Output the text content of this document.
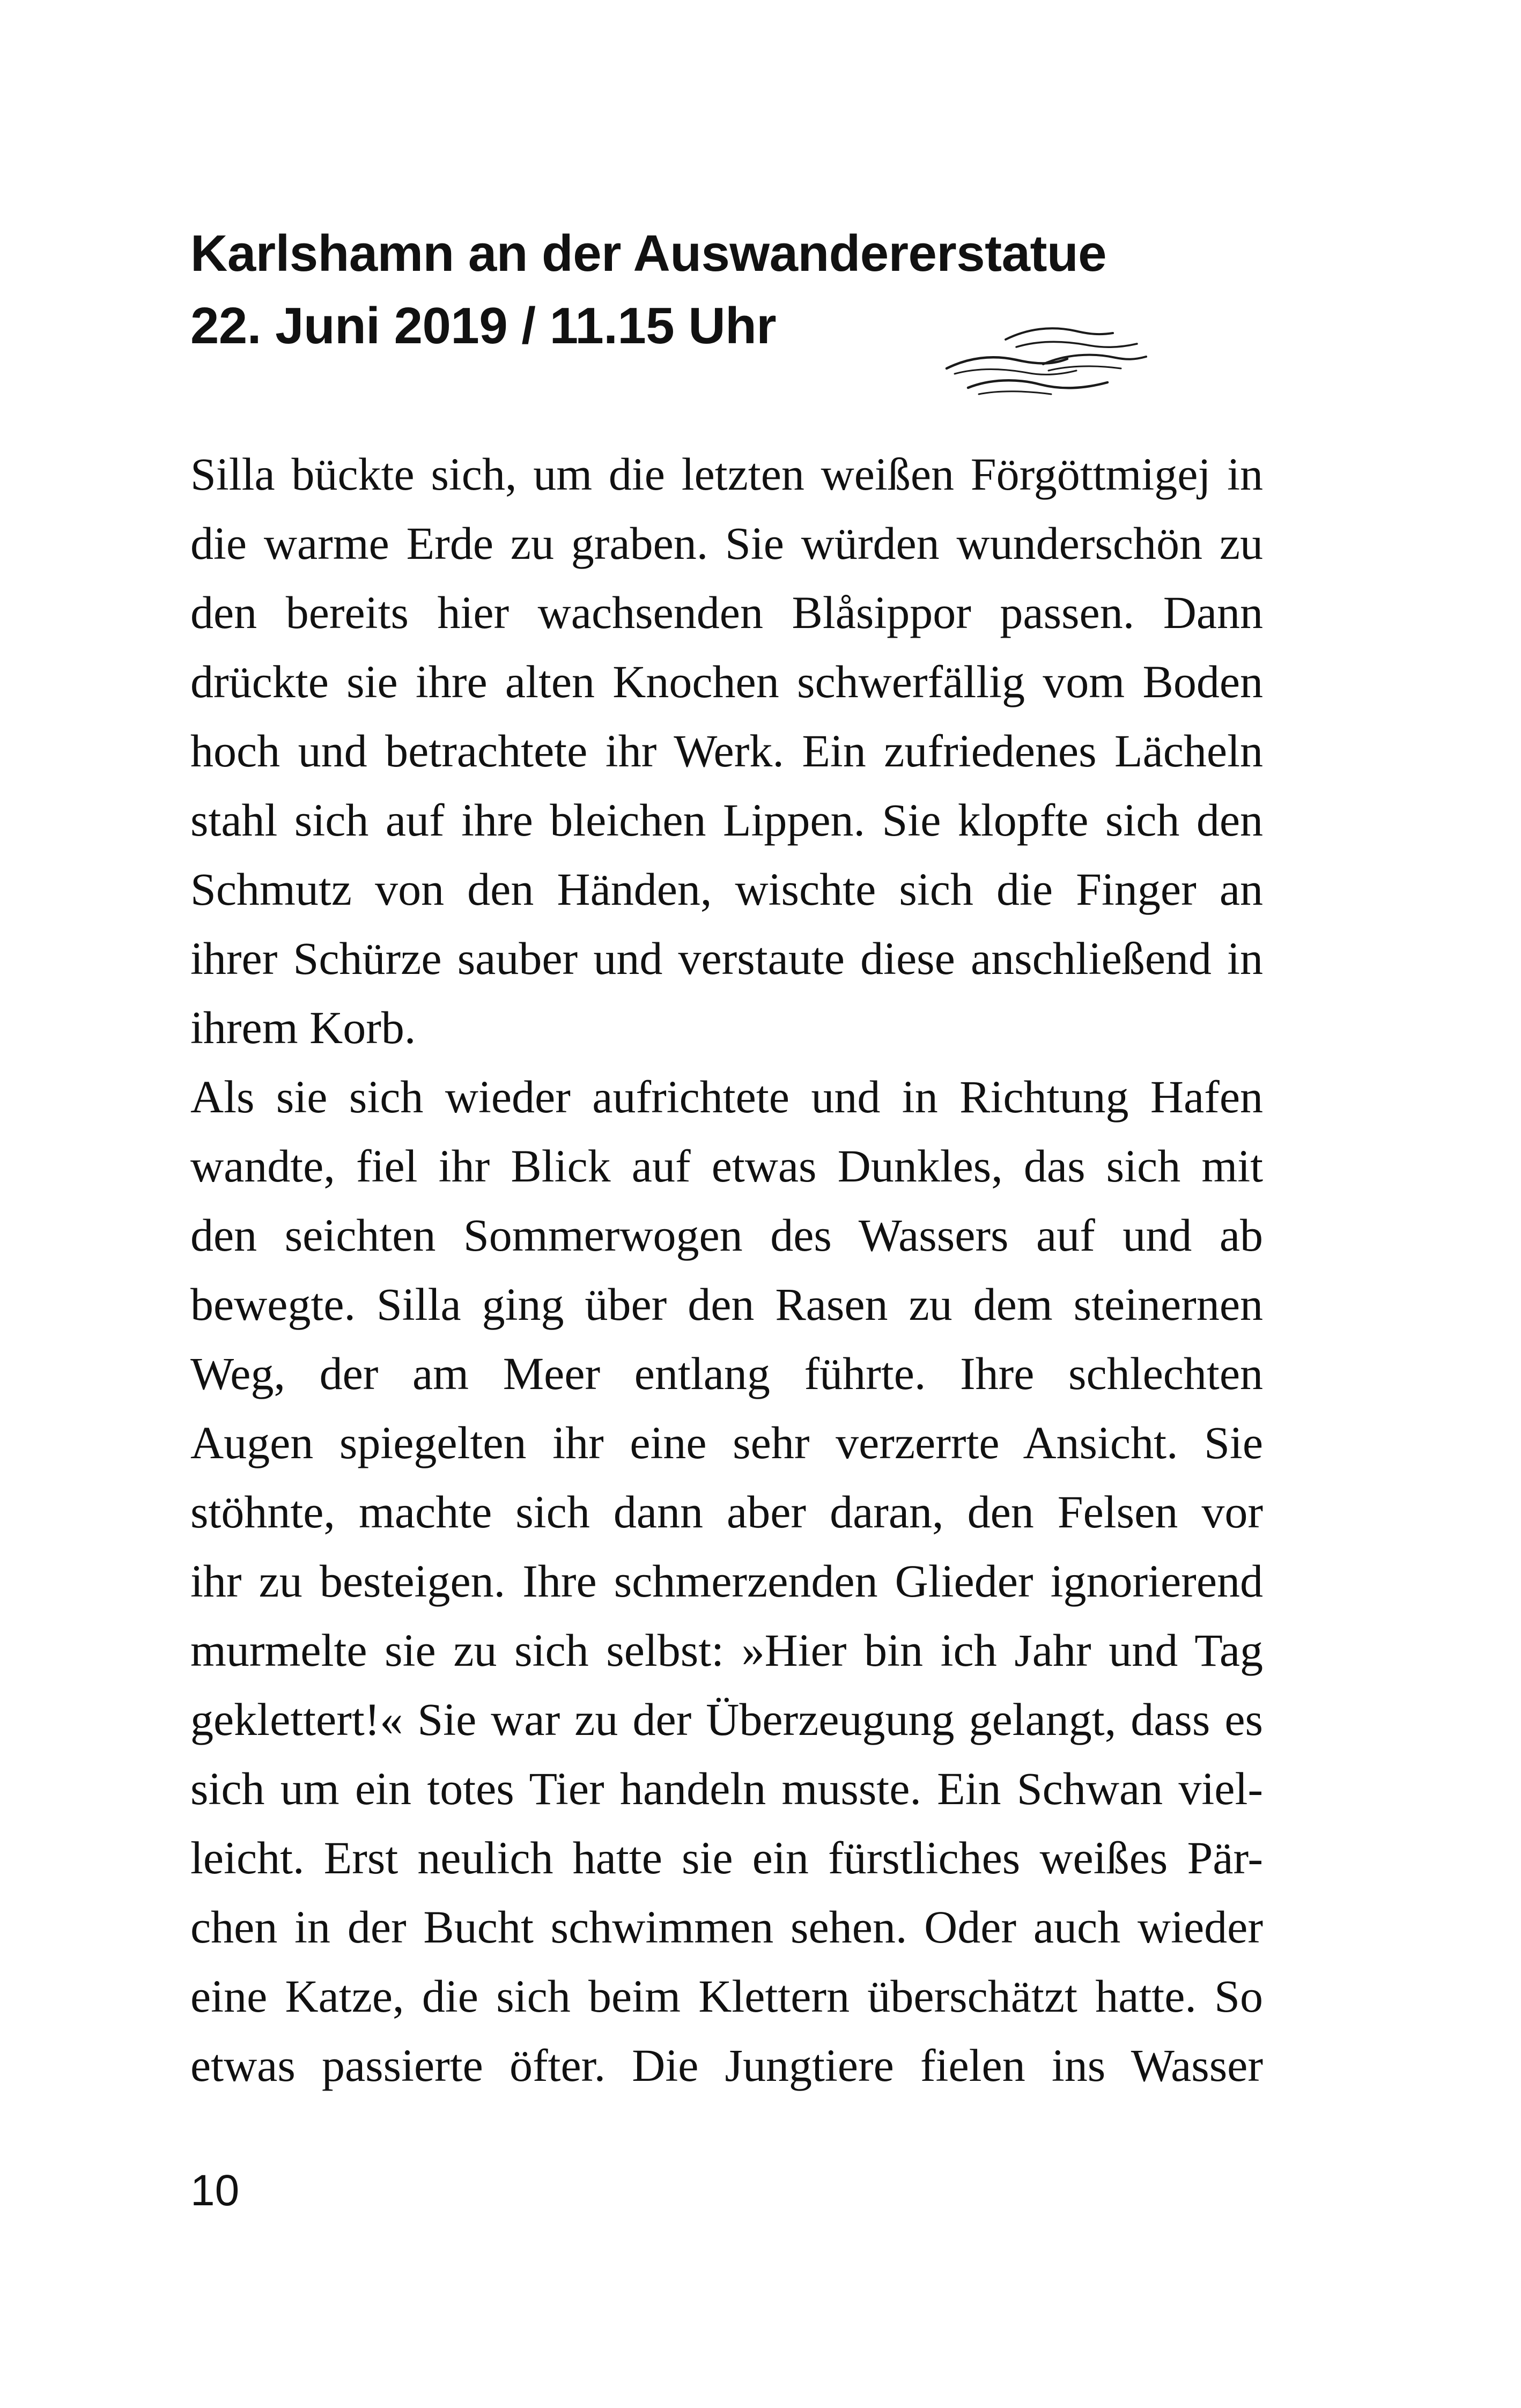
Karlshamn an der Auswandererstatue
22. Juni 2019 / 11.15 Uhr
Silla bückte sich, um die letzten weißen Förgöttmigej in
die warme Erde zu graben. Sie würden wunderschön zu
den bereits hier wachsenden Blåsippor passen. Dann
drückte sie ihre alten Knochen schwerfällig vom Boden
hoch und betrachtete ihr Werk. Ein zufriedenes Lächeln
stahl sich auf ihre bleichen Lippen. Sie klopfte sich den
Schmutz von den Händen, wischte sich die Finger an
ihrer Schürze sauber und verstaute diese anschließend in
ihrem Korb.
Als sie sich wieder aufrichtete und in Richtung Hafen
wandte, fiel ihr Blick auf etwas Dunkles, das sich mit
den seichten Sommerwogen des Wassers auf und ab
bewegte. Silla ging über den Rasen zu dem steinernen
Weg, der am Meer entlang führte. Ihre schlechten
Augen spiegelten ihr eine sehr verzerrte Ansicht. Sie
stöhnte, machte sich dann aber daran, den Felsen vor
ihr zu besteigen. Ihre schmerzenden Glieder ignorierend
murmelte sie zu sich selbst: »Hier bin ich Jahr und Tag
geklettert!« Sie war zu der Überzeugung gelangt, dass es
sich um ein totes Tier handeln musste. Ein Schwan viel-
leicht. Erst neulich hatte sie ein fürstliches weißes Pär-
chen in der Bucht schwimmen sehen. Oder auch wieder
eine Katze, die sich beim Klettern überschätzt hatte. So
etwas passierte öfter. Die Jungtiere fielen ins Wasser
10
